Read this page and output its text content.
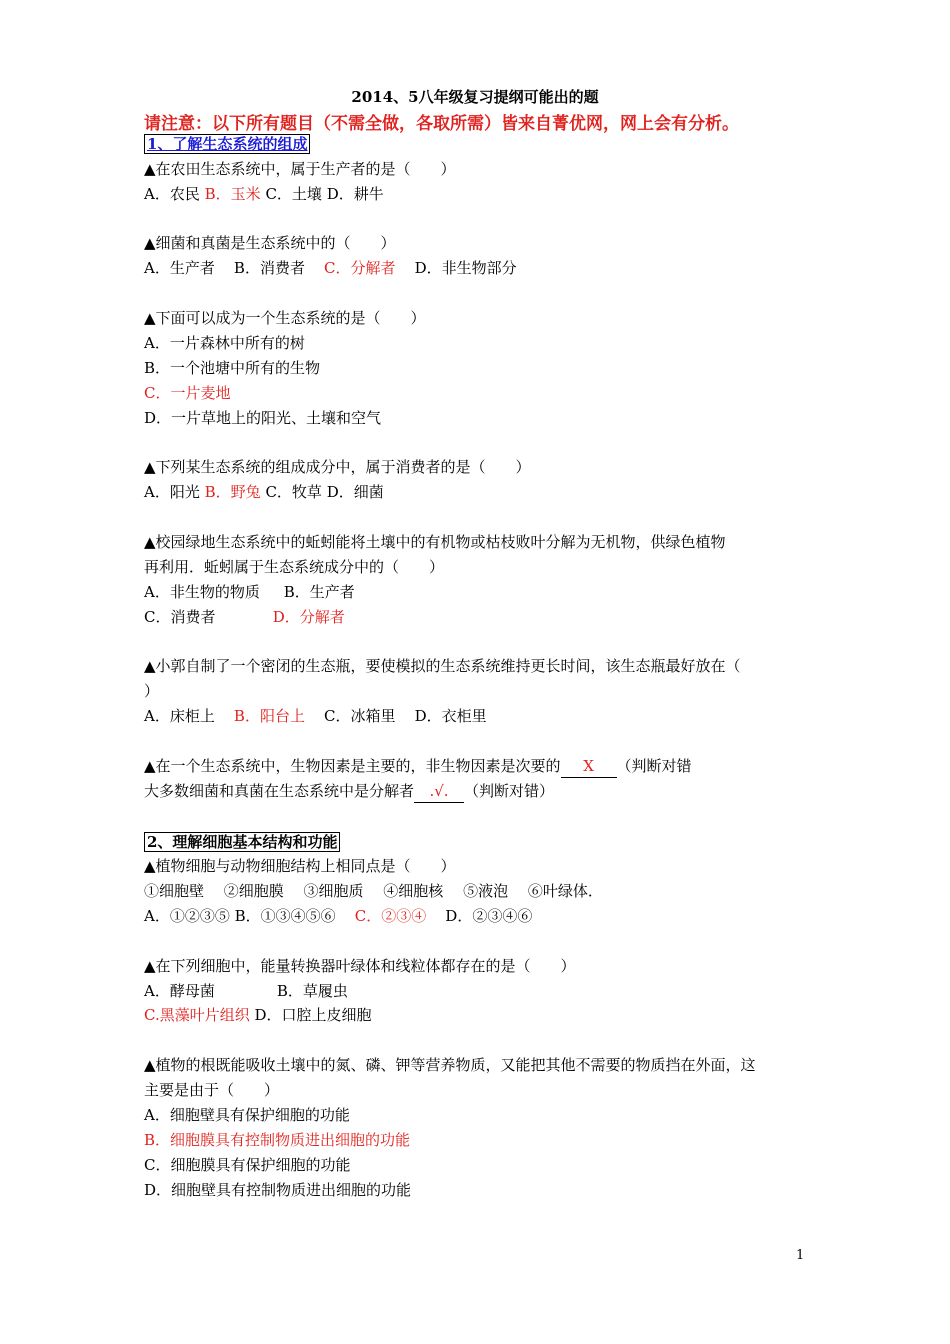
2014、5八年级复习提纲可能出的题
请注意：以下所有题目（不需全做，各取所需）皆来自菁优网，网上会有分析。
1、了解生态系统的组成
▲在农田生态系统中，属于生产者的是（　　）
A．农民 B．玉米 C．土壤 D．耕牛
▲细菌和真菌是生态系统中的（　　）
A．生产者 B．消费者 C．分解者 D．非生物部分
▲下面可以成为一个生态系统的是（　　）
A．一片森林中所有的树
B．一个池塘中所有的生物
C．一片麦地
D．一片草地上的阳光、土壤和空气
▲下列某生态系统的组成成分中，属于消费者的是（　　）
A．阳光 B．野兔 C．牧草 D．细菌
▲校园绿地生态系统中的蚯蚓能将土壤中的有机物或枯枝败叶分解为无机物，供绿色植物
再利用．蚯蚓属于生态系统成分中的（　　）
A．非生物的物质 B．生产者
C．消费者	D．分解者
▲小郭自制了一个密闭的生态瓶，要使模拟的生态系统维持更长时间，该生态瓶最好放在（
）
A．床柜上 B．阳台上 C．冰箱里 D．衣柜里
▲在一个生态系统中，生物因素是主要的，非生物因素是次要的 X （判断对错
大多数细菌和真菌在生态系统中是分解者 .√. （判断对错）
2、理解细胞基本结构和功能
▲植物细胞与动物细胞结构上相同点是（　　）
①细胞壁　 ②细胞膜　 ③细胞质　 ④细胞核　 ⑤液泡　 ⑥叶绿体．
A．①②③⑤ B．①③④⑤⑥ C．②③④ D．②③④⑥
▲在下列细胞中，能量转换器叶绿体和线粒体都存在的是（　　）
A．酵母菌	B．草履虫
C.黑藻叶片组织 D．口腔上皮细胞
▲植物的根既能吸收土壤中的氮、磷、钾等营养物质，又能把其他不需要的物质挡在外面，这
主要是由于（　　）
A．细胞壁具有保护细胞的功能
B．细胞膜具有控制物质进出细胞的功能
C．细胞膜具有保护细胞的功能
D．细胞壁具有控制物质进出细胞的功能
1
